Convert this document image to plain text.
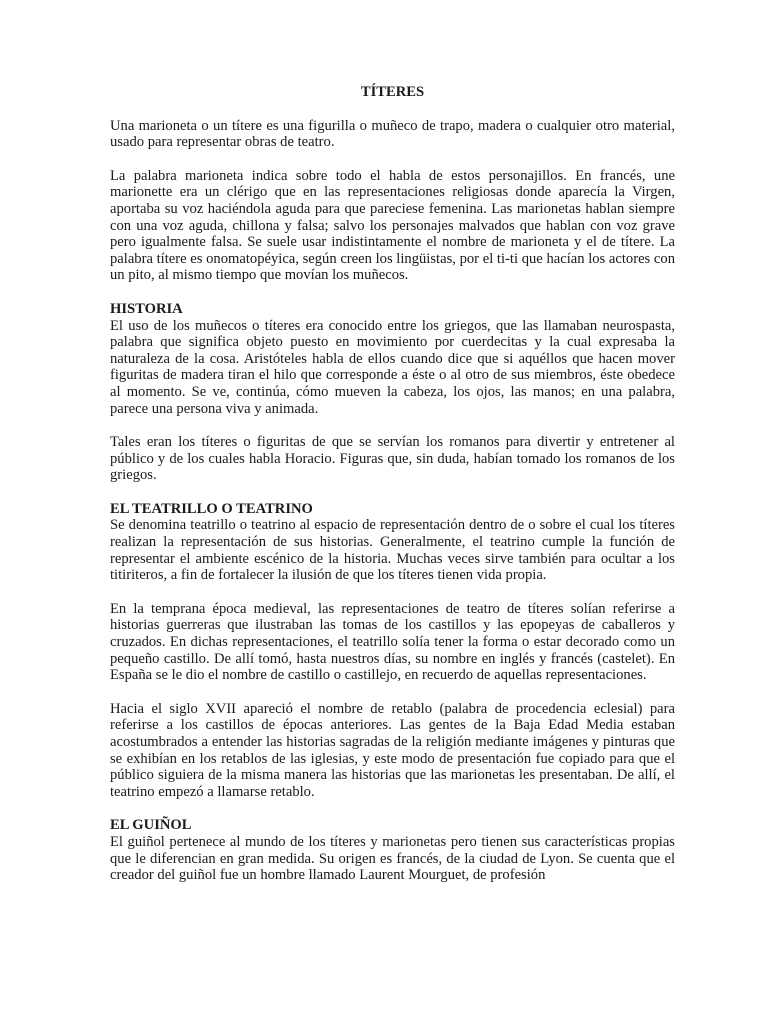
TÍTERES

Una marioneta o un títere es una figurilla o muñeco de trapo, madera o cualquier otro material, usado para representar obras de teatro.

La palabra marioneta indica sobre todo el habla de estos personajillos. En francés, une marionette era un clérigo que en las representaciones religiosas donde aparecía la Virgen, aportaba su voz haciéndola aguda para que pareciese femenina. Las marionetas hablan siempre con una voz aguda, chillona y falsa; salvo los personajes malvados que hablan con voz grave pero igualmente falsa. Se suele usar indistintamente el nombre de marioneta y el de títere. La palabra títere es onomatopéyica, según creen los lingüistas, por el ti-ti que hacían los actores con un pito, al mismo tiempo que movían los muñecos.

HISTORIA

El uso de los muñecos o títeres era conocido entre los griegos, que las llamaban neurospasta, palabra que significa objeto puesto en movimiento por cuerdecitas y la cual expresaba la naturaleza de la cosa. Aristóteles habla de ellos cuando dice que si aquéllos que hacen mover figuritas de madera tiran el hilo que corresponde a éste o al otro de sus miembros, éste obedece al momento. Se ve, continúa, cómo mueven la cabeza, los ojos, las manos; en una palabra, parece una persona viva y animada.

Tales eran los títeres o figuritas de que se servían los romanos para divertir y entretener al público y de los cuales habla Horacio. Figuras que, sin duda, habían tomado los romanos de los griegos.

EL TEATRILLO O TEATRINO

Se denomina teatrillo o teatrino al espacio de representación dentro de o sobre el cual los títeres realizan la representación de sus historias. Generalmente, el teatrino cumple la función de representar el ambiente escénico de la historia. Muchas veces sirve también para ocultar a los titiriteros, a fin de fortalecer la ilusión de que los títeres tienen vida propia.

En la temprana época medieval, las representaciones de teatro de títeres solían referirse a historias guerreras que ilustraban las tomas de los castillos y las epopeyas de caballeros y cruzados. En dichas representaciones, el teatrillo solía tener la forma o estar decorado como un pequeño castillo. De allí tomó, hasta nuestros días, su nombre en inglés y francés (castelet). En España se le dio el nombre de castillo o castillejo, en recuerdo de aquellas representaciones.

Hacia el siglo XVII apareció el nombre de retablo (palabra de procedencia eclesial) para referirse a los castillos de épocas anteriores. Las gentes de la Baja Edad Media estaban acostumbrados a entender las historias sagradas de la religión mediante imágenes y pinturas que se exhibían en los retablos de las iglesias, y este modo de presentación fue copiado para que el público siguiera de la misma manera las historias que las marionetas les presentaban. De allí, el teatrino empezó a llamarse retablo.

EL GUIÑOL

El guiñol pertenece al mundo de los títeres y marionetas pero tienen sus características propias que le diferencian en gran medida. Su origen es francés, de la ciudad de Lyon. Se cuenta que el creador del guiñol fue un hombre llamado Laurent Mourguet, de profesión
